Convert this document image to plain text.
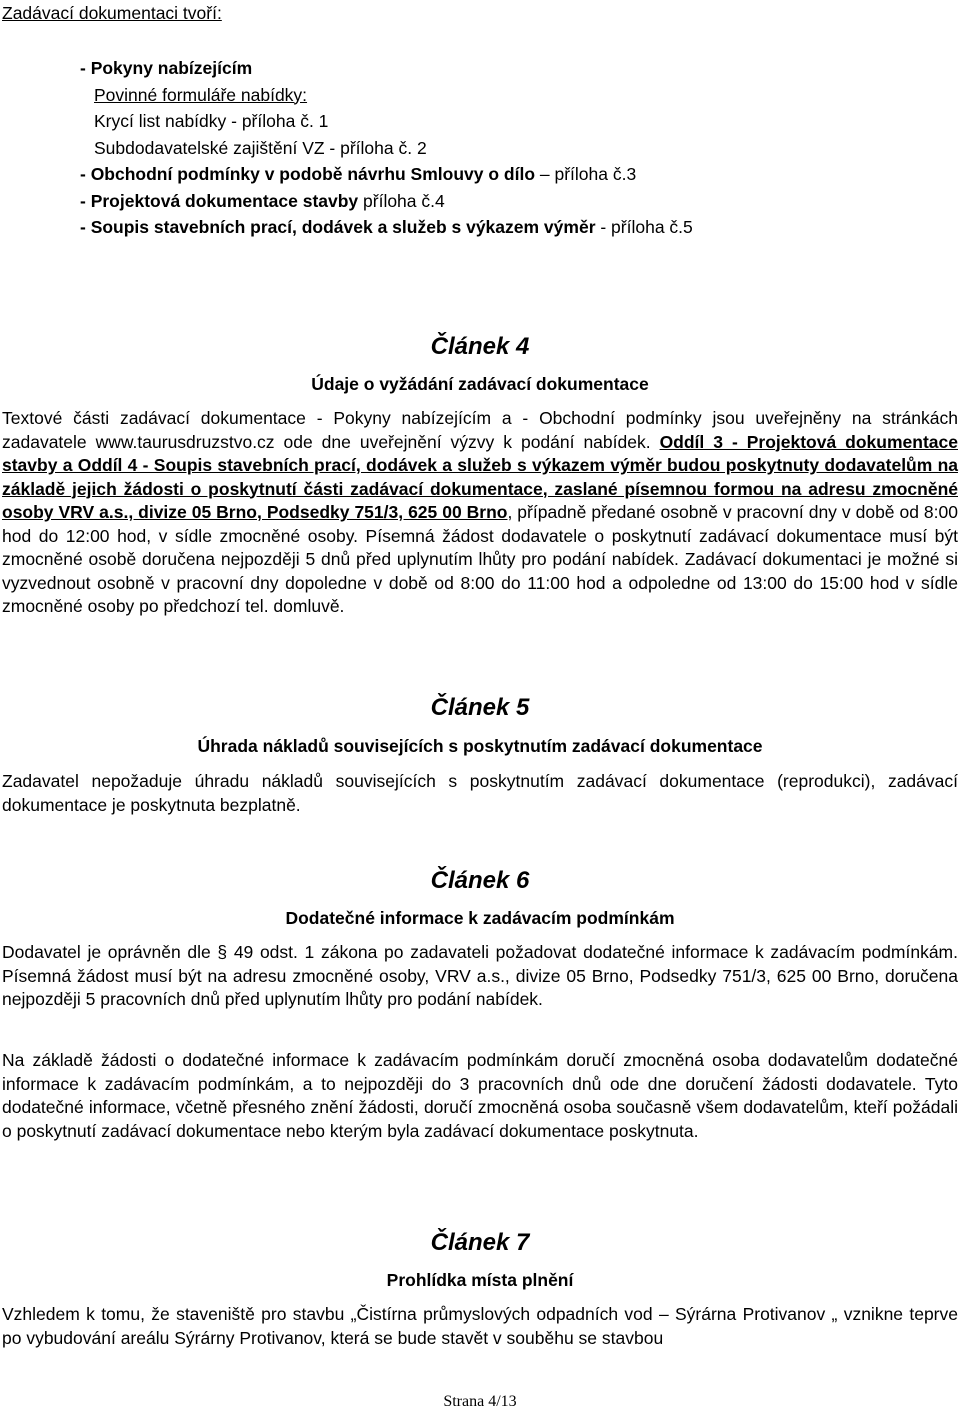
Zadávací dokumentaci tvoří:

- Pokyny nabízejícím
Povinné formuláře nabídky:
Krycí list nabídky - příloha č. 1
Subdodavatelské zajištění VZ - příloha č. 2
- Obchodní podmínky v podobě návrhu Smlouvy o dílo – příloha č.3
- Projektová dokumentace stavby příloha č.4
- Soupis stavebních prací, dodávek a služeb s výkazem výměr - příloha č.5

Článek 4

Údaje o vyžádání zadávací dokumentace

Textové části zadávací dokumentace - Pokyny nabízejícím a - Obchodní podmínky jsou uveřejněny na stránkách zadavatele www.taurusdruzstvo.cz ode dne uveřejnění výzvy k podání nabídek. Oddíl 3 - Projektová dokumentace stavby a Oddíl 4 - Soupis stavebních prací, dodávek a služeb s výkazem výměr budou poskytnuty dodavatelům na základě jejich žádosti o poskytnutí části zadávací dokumentace, zaslané písemnou formou na adresu zmocněné osoby VRV a.s., divize 05 Brno, Podsedky 751/3, 625 00 Brno, případně předané osobně v pracovní dny v době od 8:00 hod do 12:00 hod, v sídle zmocněné osoby. Písemná žádost dodavatele o poskytnutí zadávací dokumentace musí být zmocněné osobě doručena nejpozději 5 dnů před uplynutím lhůty pro podání nabídek. Zadávací dokumentaci je možné si vyzvednout osobně v pracovní dny dopoledne v době od 8:00 do 11:00 hod a odpoledne od 13:00 do 15:00 hod v sídle zmocněné osoby po předchozí tel. domluvě.

Článek 5

Úhrada nákladů souvisejících s poskytnutím zadávací dokumentace

Zadavatel nepožaduje úhradu nákladů souvisejících s poskytnutím zadávací dokumentace (reprodukci), zadávací dokumentace je poskytnuta bezplatně.

Článek 6

Dodatečné informace k zadávacím podmínkám

Dodavatel je oprávněn dle § 49 odst. 1 zákona po zadavateli požadovat dodatečné informace k zadávacím podmínkám. Písemná žádost musí být na adresu zmocněné osoby, VRV a.s., divize 05 Brno, Podsedky 751/3, 625 00 Brno, doručena nejpozději 5 pracovních dnů před uplynutím lhůty pro podání nabídek.

Na základě žádosti o dodatečné informace k zadávacím podmínkám doručí zmocněná osoba dodavatelům dodatečné informace k zadávacím podmínkám, a to nejpozději do 3 pracovních dnů ode dne doručení žádosti dodavatele. Tyto dodatečné informace, včetně přesného znění žádosti, doručí zmocněná osoba současně všem dodavatelům, kteří požádali o poskytnutí zadávací dokumentace nebo kterým byla zadávací dokumentace poskytnuta.

Článek 7

Prohlídka místa plnění

Vzhledem k tomu, že staveniště pro stavbu „Čistírna průmyslových odpadních vod – Sýrárna Protivanov „ vznikne teprve po vybudování areálu Sýrárny Protivanov, která se bude stavět v souběhu se stavbou

Strana 4/13
